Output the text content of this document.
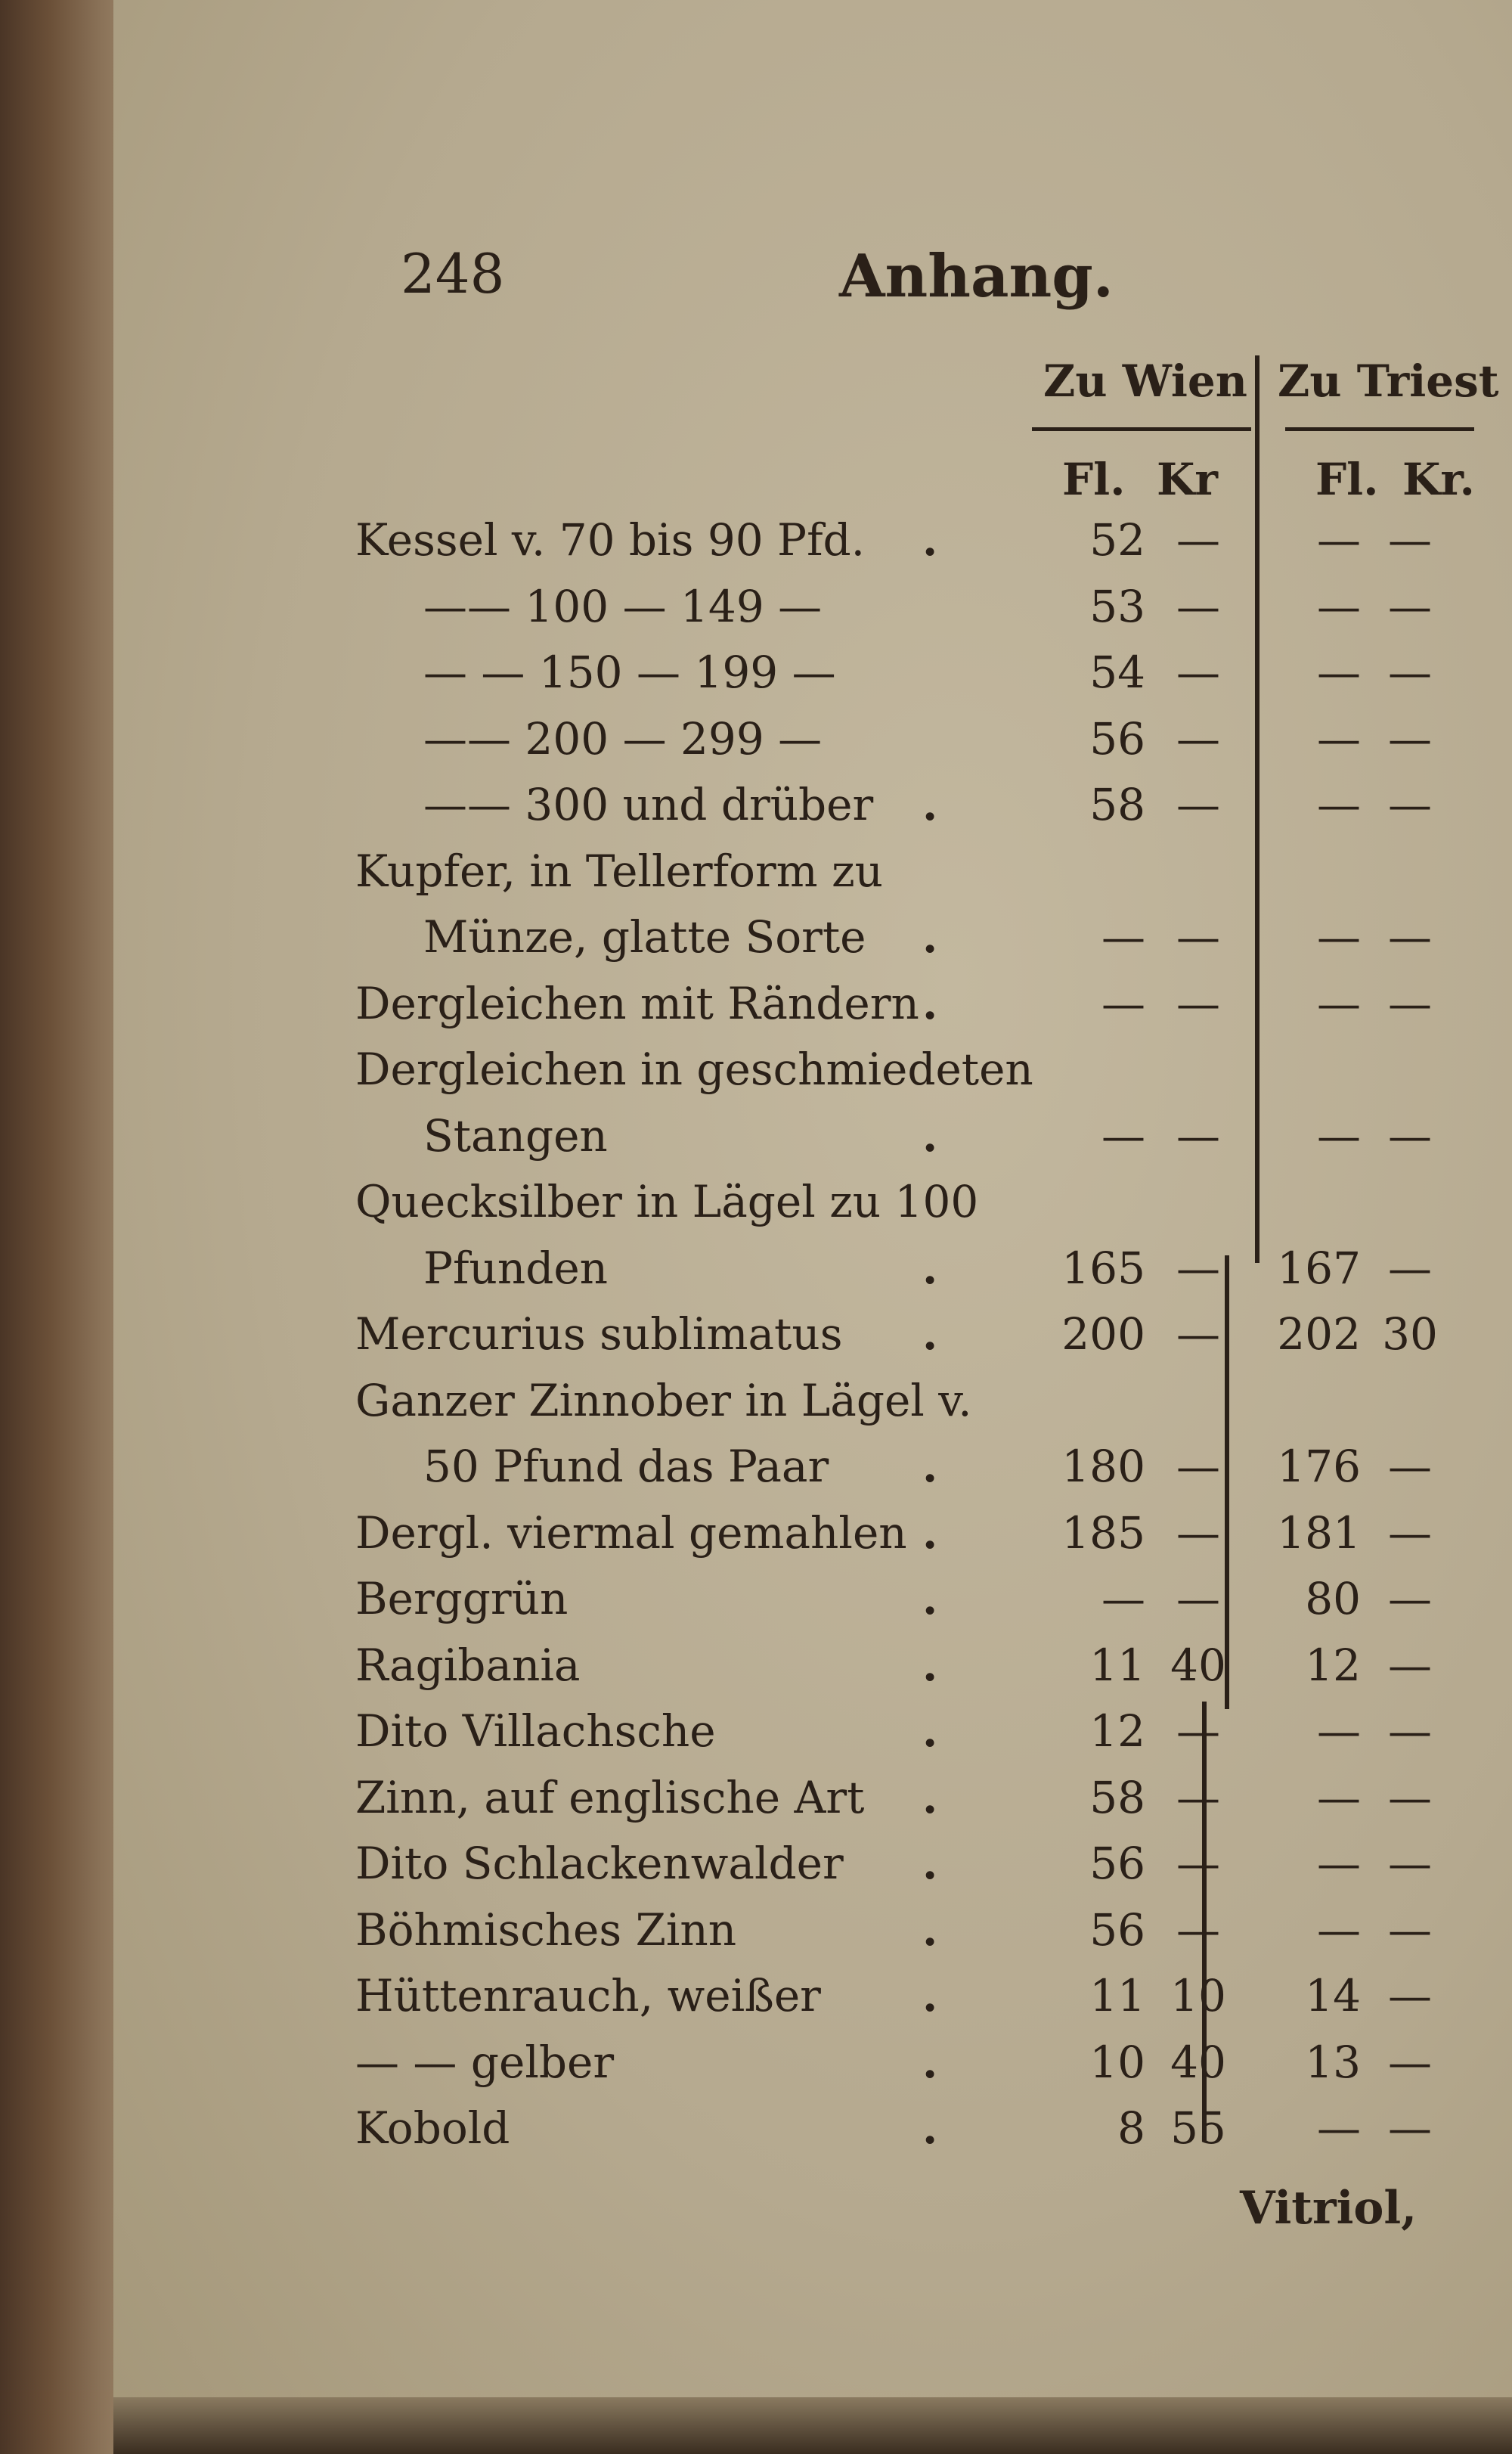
248	Anhang.
Zu Wien Zu Triest
Fl. Kr Fl. Kr.
Kessel v. 70 bis 90 Pfd. .	52 —	— —
—— 100 — 149 —	53 —	— —
— — 150 — 199 —	54 —	— —
—— 200 — 299 —	56 —	— —
—— 300 und drüber .	58 —	— —
Kupfer, in Tellerform zu
Münze, glatte Sorte .	— —	— —
Dergleichen mit Rändern .	— —	— —
Dergleichen in geschmiedeten
Stangen	.	— —	— —
Quecksilber in Lägel zu 100
Pfunden	.	165 —	167 —
Mercurius sublimatus .	200 —	202 30
Ganzer Zinnober in Lägel v.
50 Pfund das Paar .	180 —	176 —
Dergl. viermal gemahlen .	185 —	181 —
Berggrün	.	— —	80 —
Ragibania	.	11 40	12 —
Dito Villachsche	.	12 —	— —
Zinn, auf englische Art .	58 —	— —
Dito Schlackenwalder .	56 —	— —
Böhmisches Zinn	.	56 —	— —
Hüttenrauch, weißer .	11 10	14 —
— — gelber	.	10 40	13 —
Kobold	.	8 55	— —
Vitriol,
